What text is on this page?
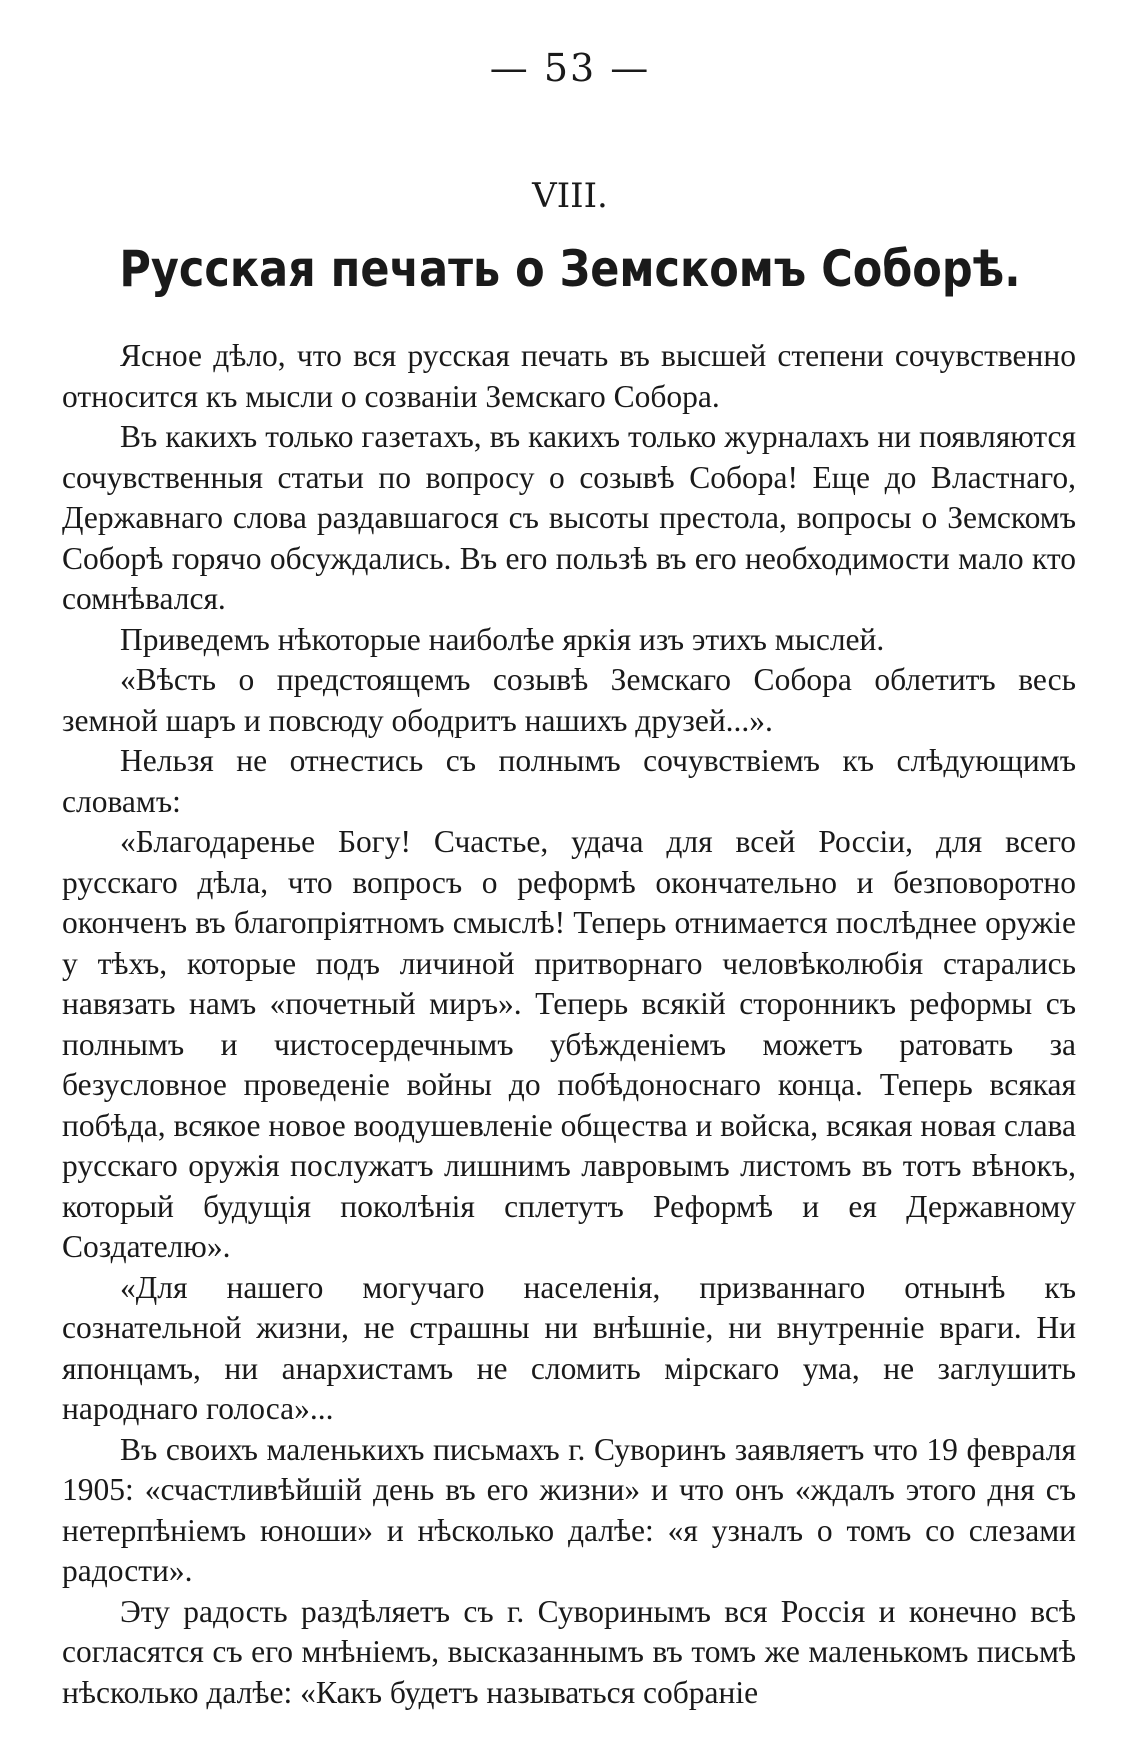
— 53 —
VIII.
Русская печать о Земскомъ Соборѣ.

Ясное дѣло, что вся русская печать въ высшей степени сочувственно относится къ мысли о созваніи Земскаго Собора.

Въ какихъ только газетахъ, въ какихъ только журналахъ ни появляются сочувственныя статьи по вопросу о созывѣ Собора! Еще до Властнаго, Державнаго слова раздавшагося съ высоты престола, вопросы о Земскомъ Соборѣ горячо обсуждались. Въ его пользѣ въ его необходимости мало кто сомнѣвался.

Приведемъ нѣкоторые наиболѣе яркія изъ этихъ мыслей.

«Вѣсть о предстоящемъ созывѣ Земскаго Собора облетитъ весь земной шаръ и повсюду ободритъ нашихъ друзей...».

Нельзя не отнестись съ полнымъ сочувствіемъ къ слѣдующимъ словамъ:

«Благодаренье Богу! Счастье, удача для всей Россіи, для всего русскаго дѣла, что вопросъ о реформѣ окончательно и безповоротно оконченъ въ благопріятномъ смыслѣ! Теперь отнимается послѣднее оружіе у тѣхъ, которые подъ личиной притворнаго человѣколюбія старались навязать намъ «почетный миръ». Теперь всякій сторонникъ реформы съ полнымъ и чистосердечнымъ убѣжденіемъ можетъ ратовать за безусловное проведеніе войны до побѣдоноснаго конца. Теперь всякая побѣда, всякое новое воодушевленіе общества и войска, всякая новая слава русскаго оружія послужатъ лишнимъ лавровымъ листомъ въ тотъ вѣнокъ, который будущія поколѣнія сплетутъ Реформѣ и ея Державному Создателю».

«Для нашего могучаго населенія, призваннаго отнынѣ къ сознательной жизни, не страшны ни внѣшніе, ни внутренніе враги. Ни японцамъ, ни анархистамъ не сломить мірскаго ума, не заглушить народнаго голоса»...

Въ своихъ маленькихъ письмахъ г. Суворинъ заявляетъ что 19 февраля 1905: «счастливѣйшій день въ его жизни» и что онъ «ждалъ этого дня съ нетерпѣніемъ юноши» и нѣсколько далѣе: «я узналъ о томъ со слезами радости».

Эту радость раздѣляетъ съ г. Суворинымъ вся Россія и конечно всѣ согласятся съ его мнѣніемъ, высказаннымъ въ томъ же маленькомъ письмѣ нѣсколько далѣе: «Какъ будетъ называться собраніе
